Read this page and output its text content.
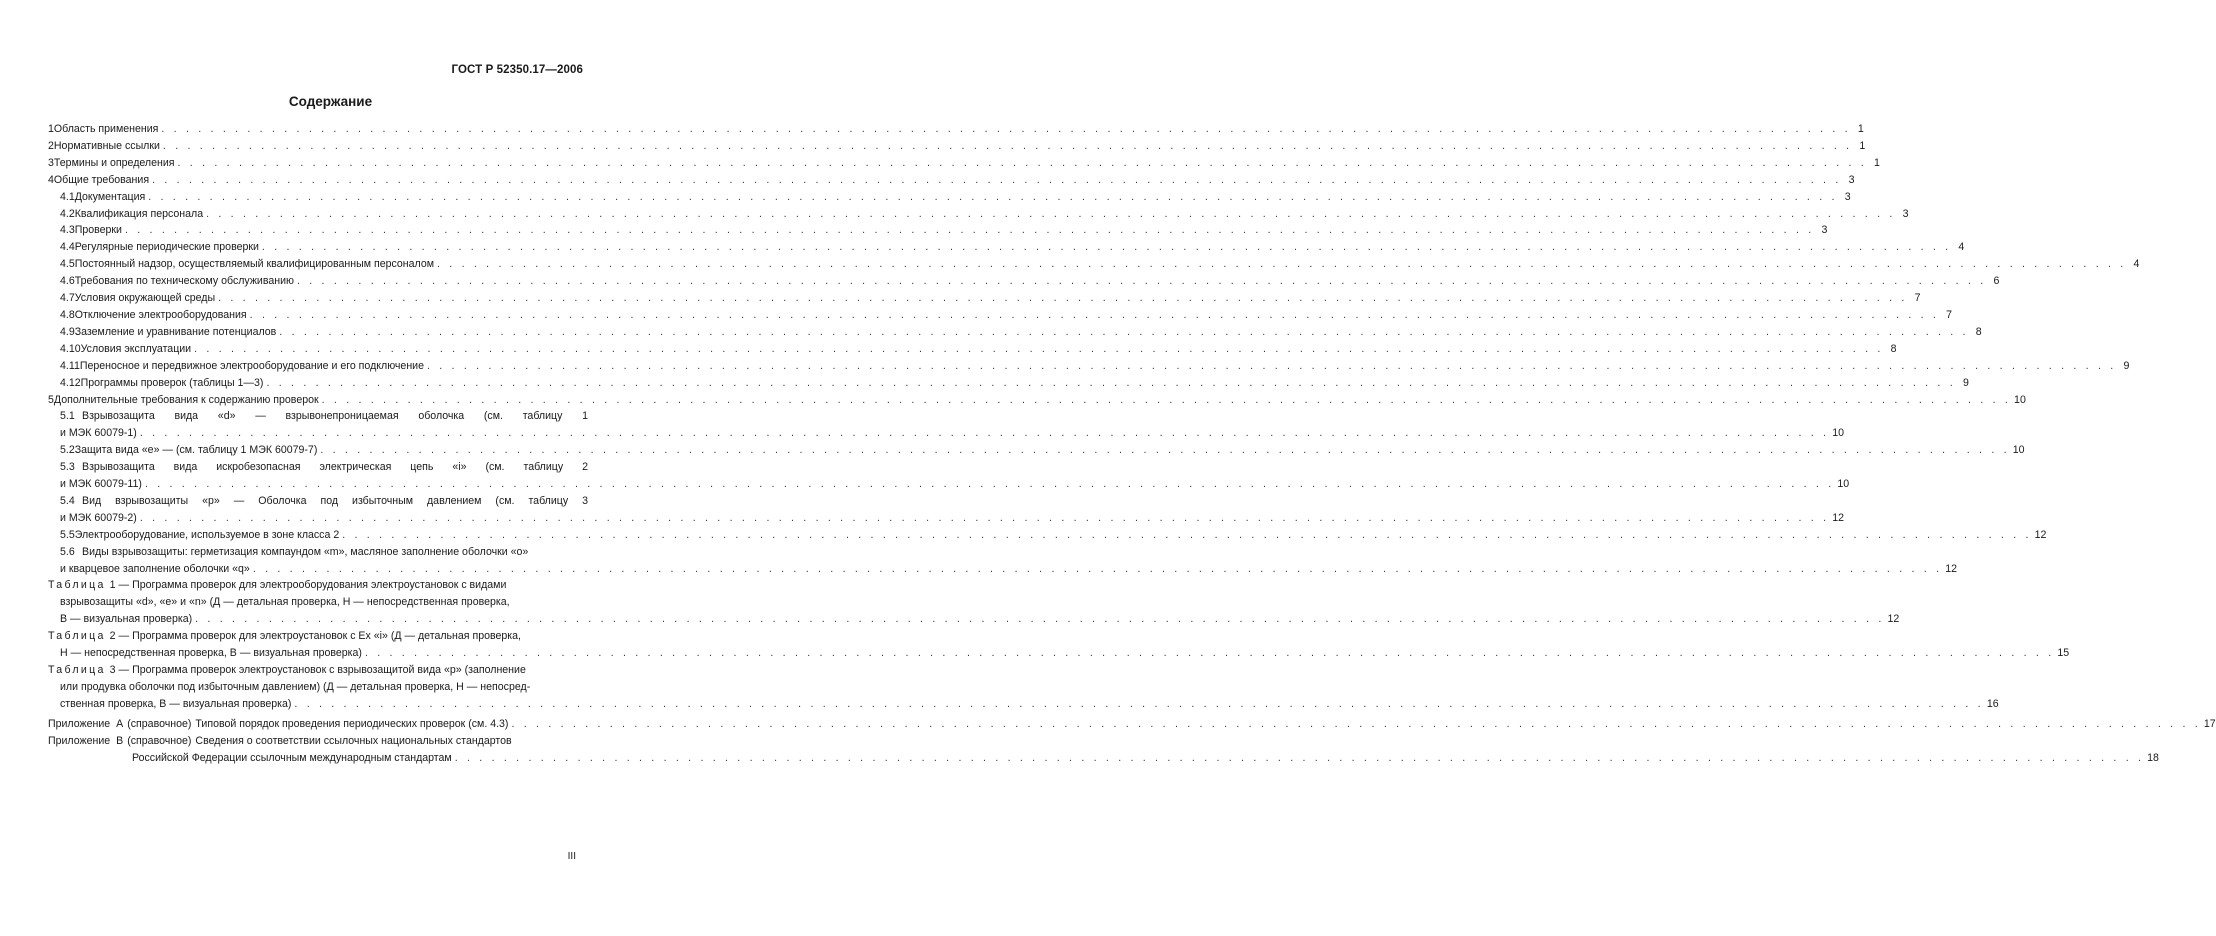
ГОСТ Р 52350.17—2006
Содержание
1 Область применения . . .	1
2 Нормативные ссылки . . .	1
3 Термины и определения . . .	1
4 Общие требования . . .	3
4.1 Документация . . .	3
4.2 Квалификация персонала . . .	3
4.3 Проверки . . .	3
4.4 Регулярные периодические проверки . . .	4
4.5 Постоянный надзор, осуществляемый квалифицированным персоналом . . .	4
4.6 Требования по техническому обслуживанию . . .	6
4.7 Условия окружающей среды . . .	7
4.8 Отключение электрооборудования . . .	7
4.9 Заземление и уравнивание потенциалов . . .	8
4.10 Условия эксплуатации . . .	8
4.11 Переносное и передвижное электрооборудование и его подключение . . .	9
4.12 Программы проверок (таблицы 1—3) . . .	9
5 Дополнительные требования к содержанию проверок . . .	10
5.1 Взрывозащита вида «d» — взрывонепроницаемая оболочка (см. таблицу 1
и МЭК 60079-1) . . .	10
5.2 Защита вида «е» — (см. таблицу 1 МЭК 60079-7) . . .	10
5.3 Взрывозащита вида искробезопасная электрическая цепь «i» (см. таблицу 2
и МЭК 60079-11) . . .	10
5.4 Вид взрывозащиты «р» — Оболочка под избыточным давлением (см. таблицу 3
и МЭК 60079-2) . . .	12
5.5 Электрооборудование, используемое в зоне класса 2 . . .	12
5.6 Виды взрывозащиты: герметизация компаундом «m», масляное заполнение оболочки «о»
и кварцевое заполнение оболочки «q» . . .	12
Таблица 1 — Программа проверок для электрооборудования электроустановок с видами
взрывозащиты «d», «е» и «n» (Д — детальная проверка, Н — непосредственная проверка,
В — визуальная проверка) . . .	12
Таблица 2 — Программа проверок для электроустановок с Ex «i» (Д — детальная проверка,
Н — непосредственная проверка, В — визуальная проверка) . . .	15
Таблица 3 — Программа проверок электроустановок с взрывозащитой вида «р» (заполнение
или продувка оболочки под избыточным давлением) (Д — детальная проверка, Н — непосред-
ственная проверка, В — визуальная проверка) . . .	16
Приложение А (справочное) Типовой порядок проведения периодических проверок (см. 4.3) . . .	17
Приложение В (справочное) Сведения о соответствии ссылочных национальных стандартов
Российской Федерации ссылочным международным стандартам . . .	18
III
